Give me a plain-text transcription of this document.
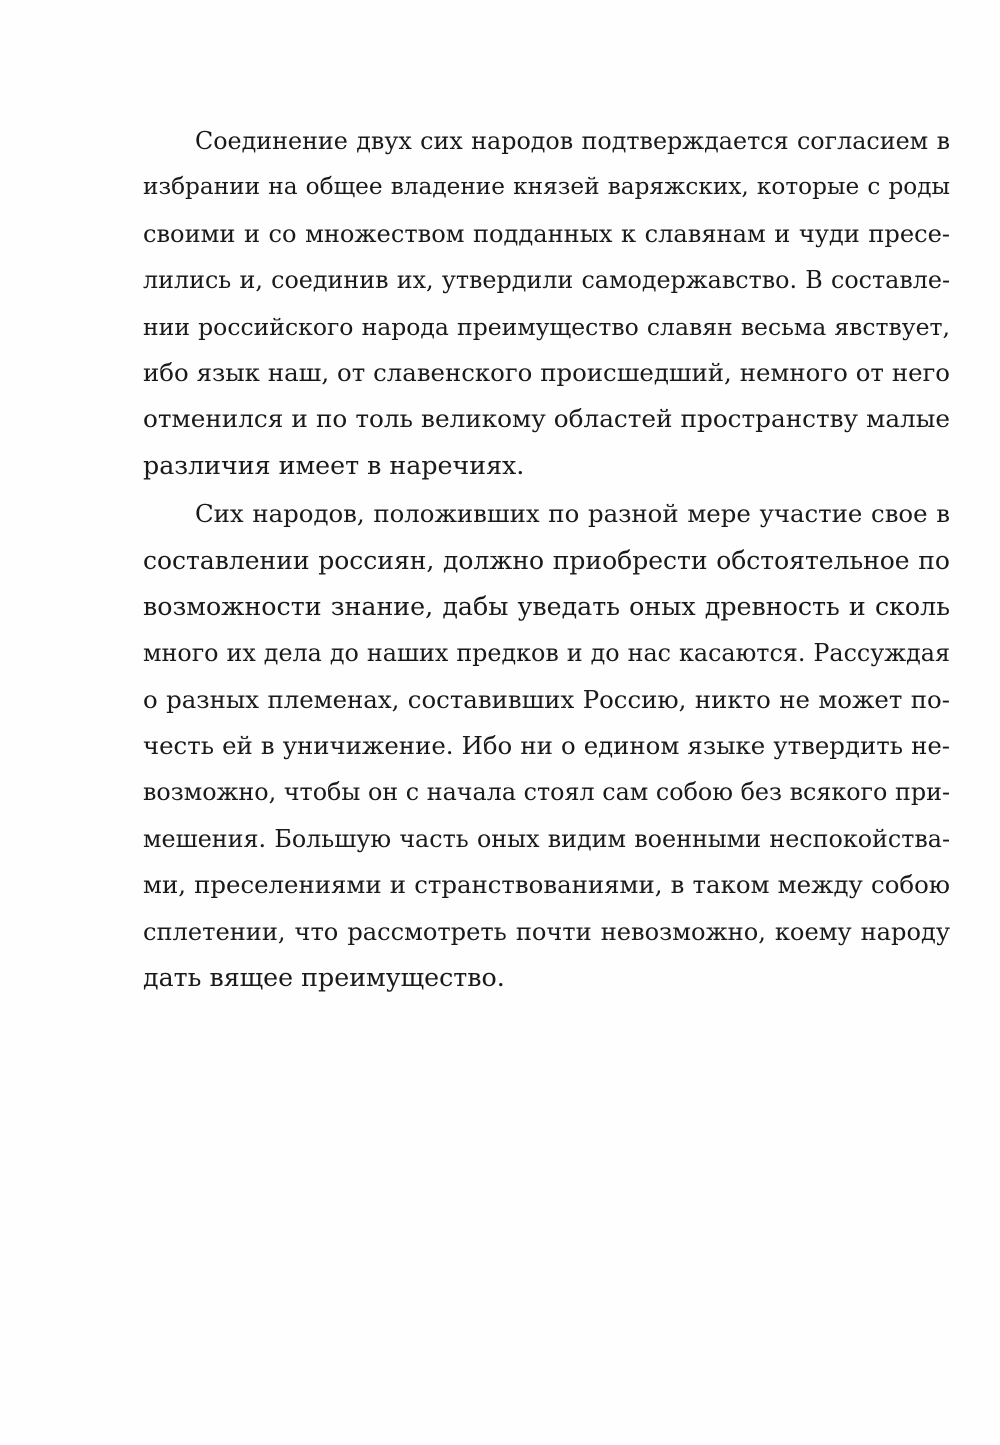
Соединение двух сих народов подтверждается согласием в
избрании на общее владение князей варяжских, которые с роды
своими и со множеством подданных к славянам и чуди пресе-
лились и, соединив их, утвердили самодержавство. В составле-
нии российского народа преимущество славян весьма явствует,
ибо язык наш, от славенского происшедший, немного от него
отменился и по толь великому областей пространству малые
различия имеет в наречиях.
Сих народов, положивших по разной мере участие свое в
составлении россиян, должно приобрести обстоятельное по
возможности знание, дабы уведать оных древность и сколь
много их дела до наших предков и до нас касаются. Рассуждая
о разных племенах, составивших Россию, никто не может по-
честь ей в уничижение. Ибо ни о едином языке утвердить не-
возможно, чтобы он с начала стоял сам собою без всякого при-
мешения. Большую часть оных видим военными неспокойства-
ми, преселениями и странствованиями, в таком между собою
сплетении, что рассмотреть почти невозможно, коему народу
дать вящее преимущество.
